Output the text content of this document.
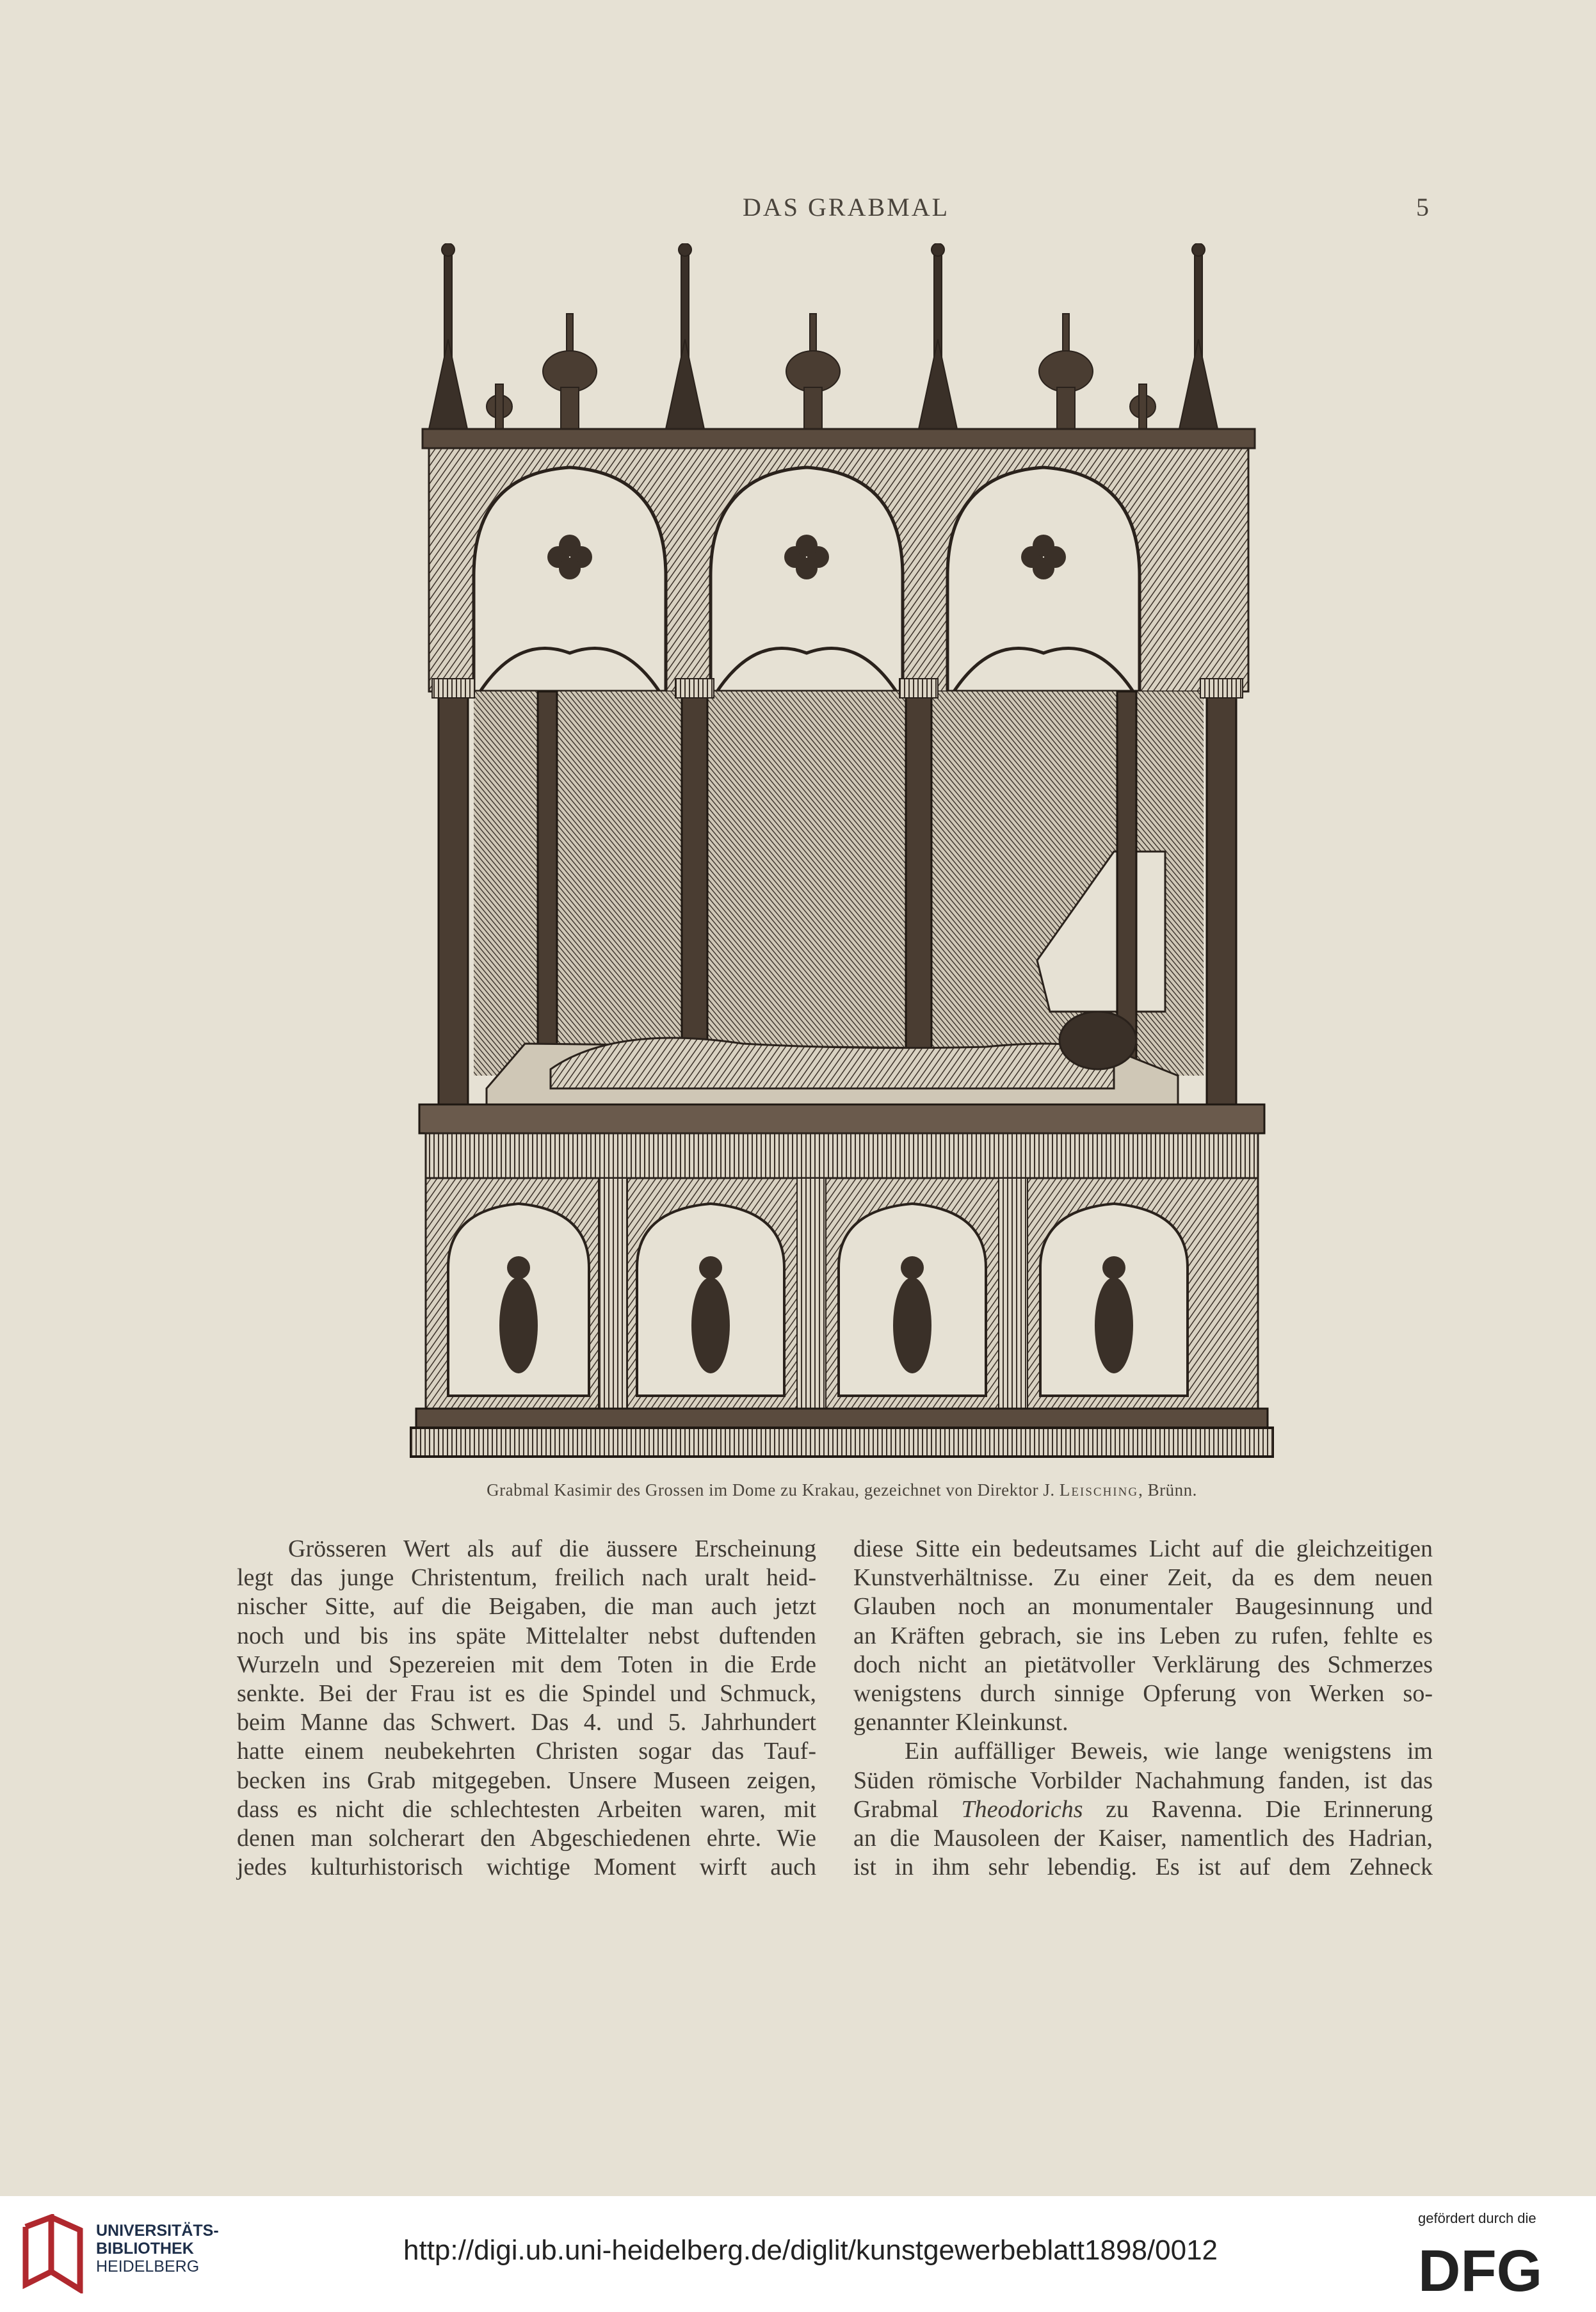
DAS GRABMAL	5
Grabmal Kasimir des Grossen im Dome zu Krakau, gezeichnet von Direktor J. Leisching, Brünn.

Grösseren Wert als auf die äussere Erscheinung

legt das junge Christentum, freilich nach uralt heid-

nischer Sitte, auf die Beigaben, die man auch jetzt

noch und bis ins späte Mittelalter nebst duftenden

Wurzeln und Spezereien mit dem Toten in die Erde

senkte. Bei der Frau ist es die Spindel und Schmuck,

beim Manne das Schwert. Das 4. und 5. Jahrhundert

hatte einem neubekehrten Christen sogar das Tauf-

becken ins Grab mitgegeben. Unsere Museen zeigen,

dass es nicht die schlechtesten Arbeiten waren, mit

denen man solcherart den Abgeschiedenen ehrte. Wie

jedes kulturhistorisch wichtige Moment wirft auch

diese Sitte ein bedeutsames Licht auf die gleichzeitigen

Kunstverhältnisse. Zu einer Zeit, da es dem neuen

Glauben noch an monumentaler Baugesinnung und

an Kräften gebrach, sie ins Leben zu rufen, fehlte es

doch nicht an pietätvoller Verklärung des Schmerzes

wenigstens durch sinnige Opferung von Werken so-

genannter Kleinkunst.

Ein auffälliger Beweis, wie lange wenigstens im

Süden römische Vorbilder Nachahmung fanden, ist das

Grabmal Theodorichs zu Ravenna. Die Erinnerung

an die Mausoleen der Kaiser, namentlich des Hadrian,

ist in ihm sehr lebendig. Es ist auf dem Zehneck

UNIVERSITÄTS-
BIBLIOTHEK
HEIDELBERG
http://digi.ub.uni-heidelberg.de/diglit/kunstgewerbeblatt1898/0012
gefördert durch die
DFG
